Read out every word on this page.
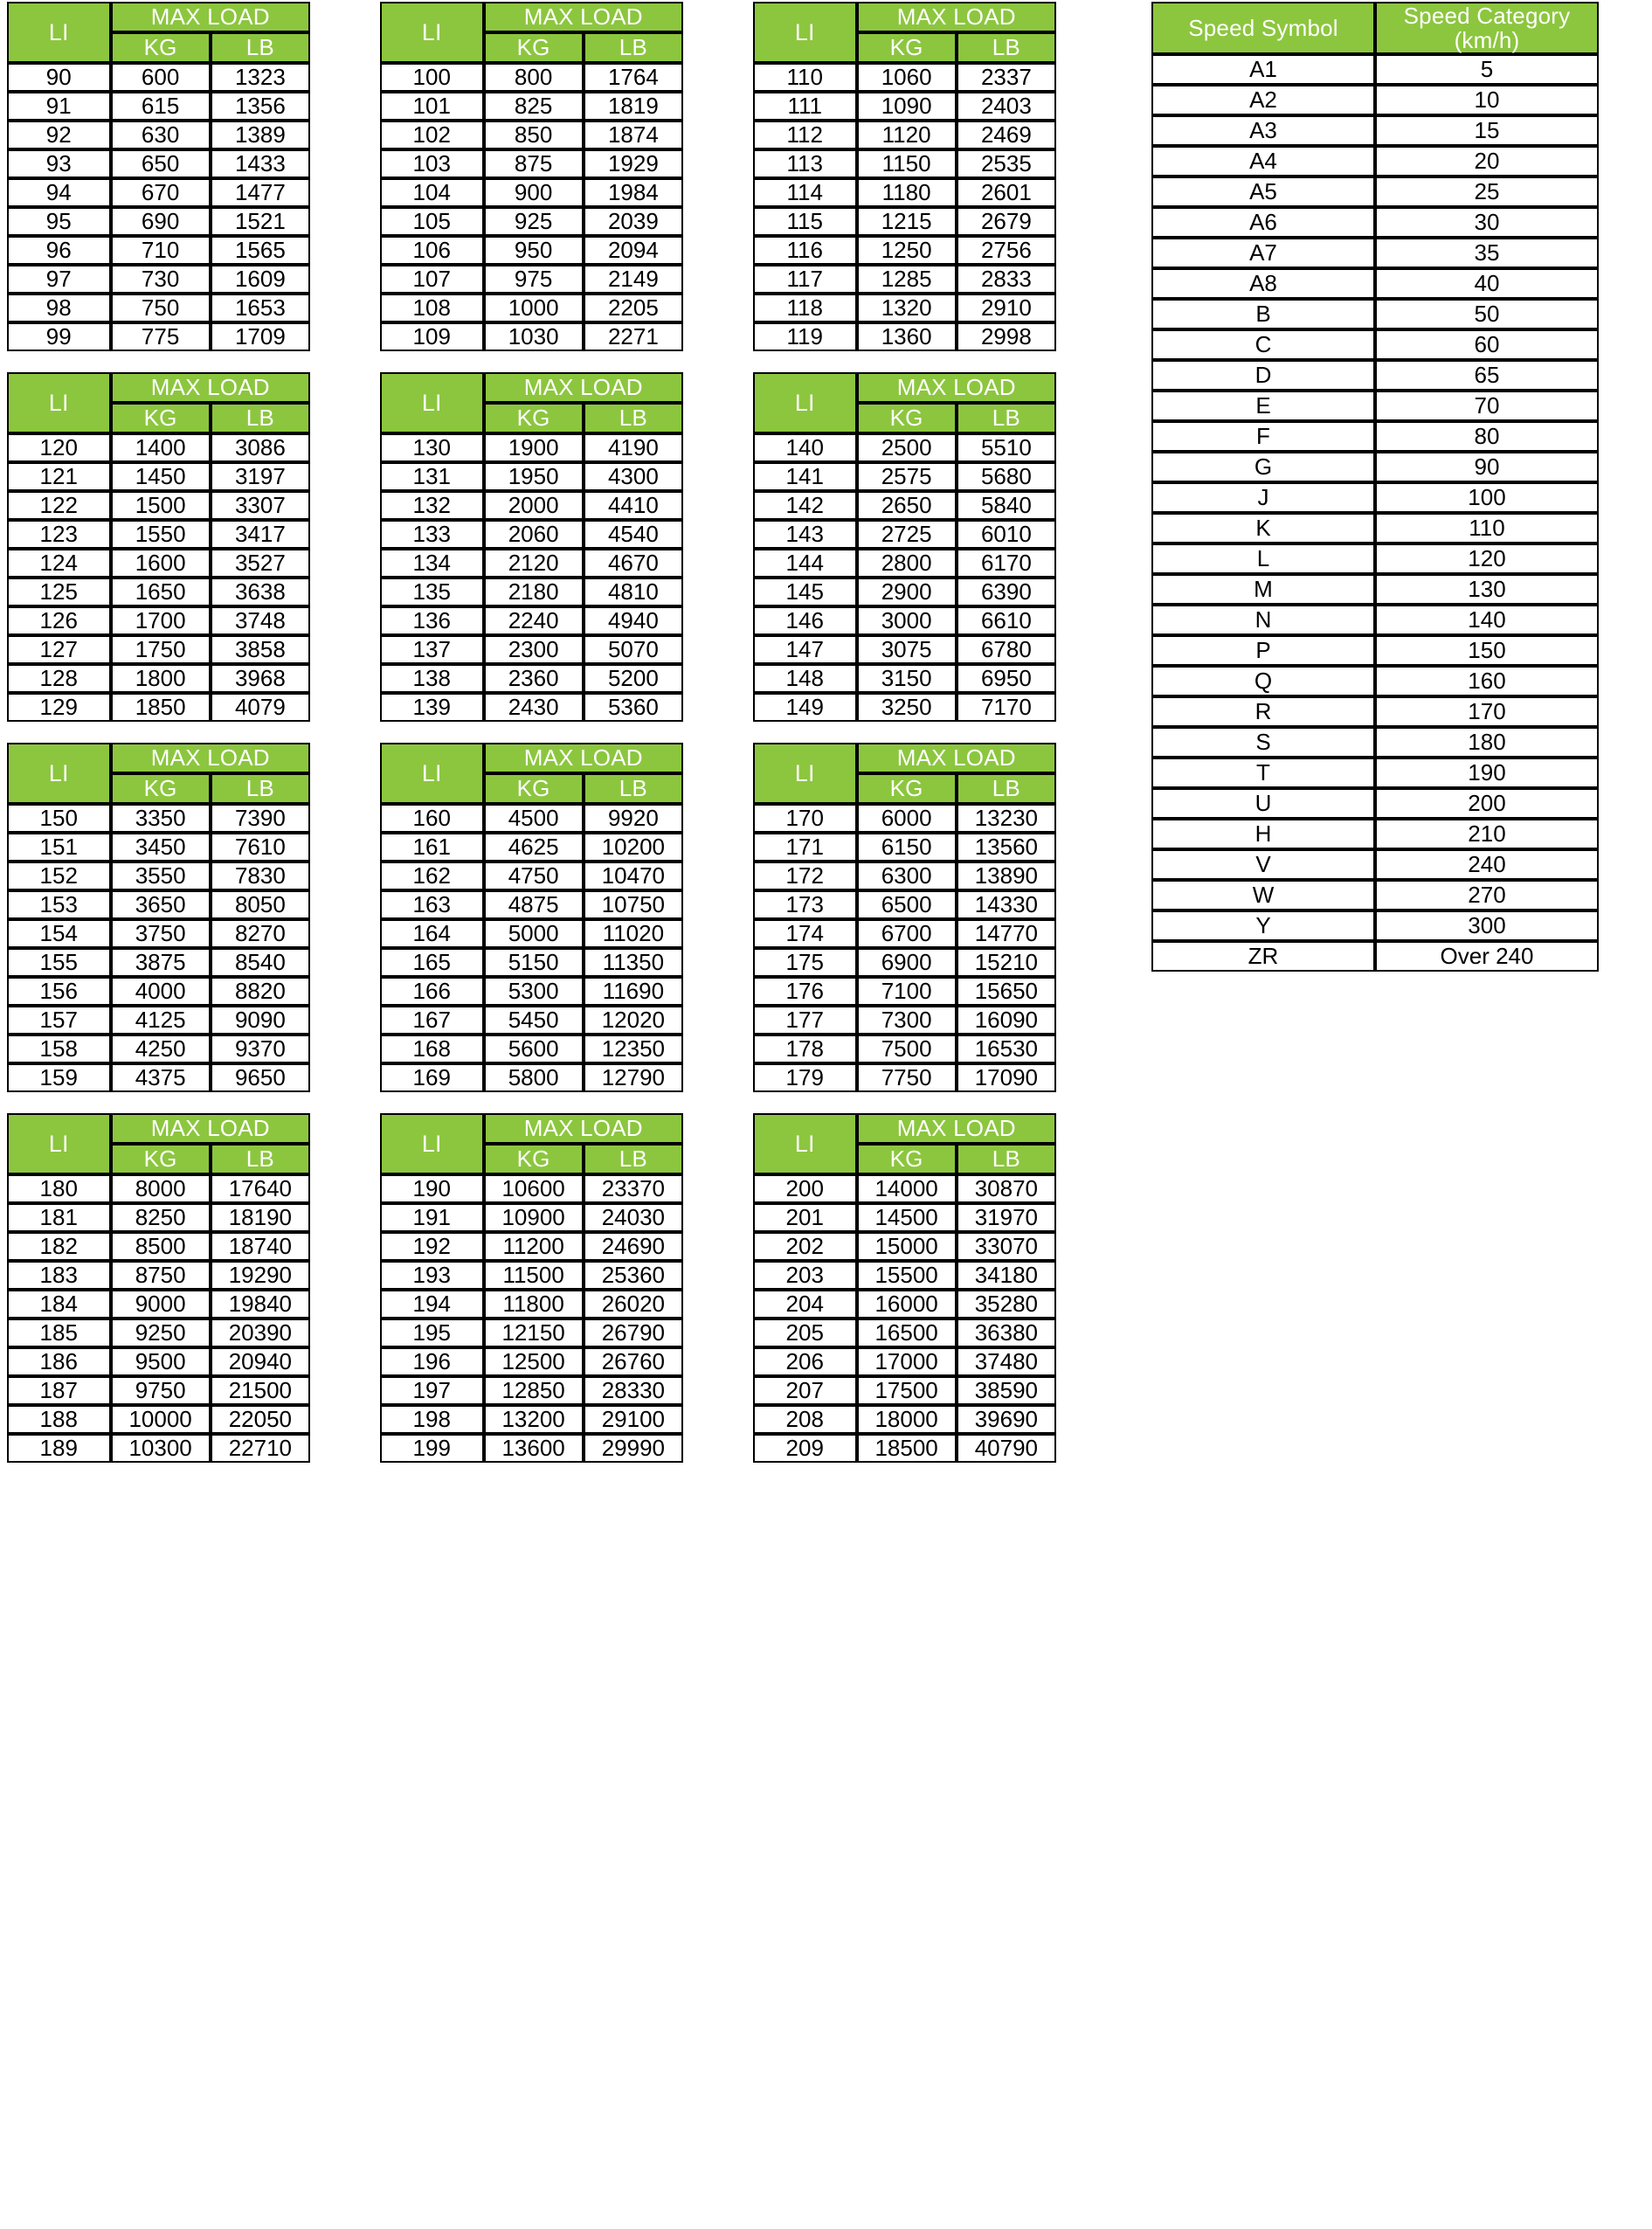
LI	MAX LOAD	
	KG	LB
90	600	1323
91	615	1356
92	630	1389
93	650	1433
94	670	1477
95	690	1521
96	710	1565
97	730	1609
98	750	1653
99	775	1709
LI	MAX LOAD	
	KG	LB
100	800	1764
101	825	1819
102	850	1874
103	875	1929
104	900	1984
105	925	2039
106	950	2094
107	975	2149
108	1000	2205
109	1030	2271
LI	MAX LOAD	
	KG	LB
110	1060	2337
111	1090	2403
112	1120	2469
113	1150	2535
114	1180	2601
115	1215	2679
116	1250	2756
117	1285	2833
118	1320	2910
119	1360	2998
LI	MAX LOAD	
	KG	LB
120	1400	3086
121	1450	3197
122	1500	3307
123	1550	3417
124	1600	3527
125	1650	3638
126	1700	3748
127	1750	3858
128	1800	3968
129	1850	4079
LI	MAX LOAD	
	KG	LB
130	1900	4190
131	1950	4300
132	2000	4410
133	2060	4540
134	2120	4670
135	2180	4810
136	2240	4940
137	2300	5070
138	2360	5200
139	2430	5360
LI	MAX LOAD	
	KG	LB
140	2500	5510
141	2575	5680
142	2650	5840
143	2725	6010
144	2800	6170
145	2900	6390
146	3000	6610
147	3075	6780
148	3150	6950
149	3250	7170
LI	MAX LOAD	
	KG	LB
150	3350	7390
151	3450	7610
152	3550	7830
153	3650	8050
154	3750	8270
155	3875	8540
156	4000	8820
157	4125	9090
158	4250	9370
159	4375	9650
LI	MAX LOAD	
	KG	LB
160	4500	9920
161	4625	10200
162	4750	10470
163	4875	10750
164	5000	11020
165	5150	11350
166	5300	11690
167	5450	12020
168	5600	12350
169	5800	12790
LI	MAX LOAD	
	KG	LB
170	6000	13230
171	6150	13560
172	6300	13890
173	6500	14330
174	6700	14770
175	6900	15210
176	7100	15650
177	7300	16090
178	7500	16530
179	7750	17090
LI	MAX LOAD	
	KG	LB
180	8000	17640
181	8250	18190
182	8500	18740
183	8750	19290
184	9000	19840
185	9250	20390
186	9500	20940
187	9750	21500
188	10000	22050
189	10300	22710
LI	MAX LOAD	
	KG	LB
190	10600	23370
191	10900	24030
192	11200	24690
193	11500	25360
194	11800	26020
195	12150	26790
196	12500	26760
197	12850	28330
198	13200	29100
199	13600	29990
LI	MAX LOAD	
	KG	LB
200	14000	30870
201	14500	31970
202	15000	33070
203	15500	34180
204	16000	35280
205	16500	36380
206	17000	37480
207	17500	38590
208	18000	39690
209	18500	40790
Speed Symbol	Speed Category
(km/h)
A1	5
A2	10
A3	15
A4	20
A5	25
A6	30
A7	35
A8	40
B	50
C	60
D	65
E	70
F	80
G	90
J	100
K	110
L	120
M	130
N	140
P	150
Q	160
R	170
S	180
T	190
U	200
H	210
V	240
W	270
Y	300
ZR	Over 240
